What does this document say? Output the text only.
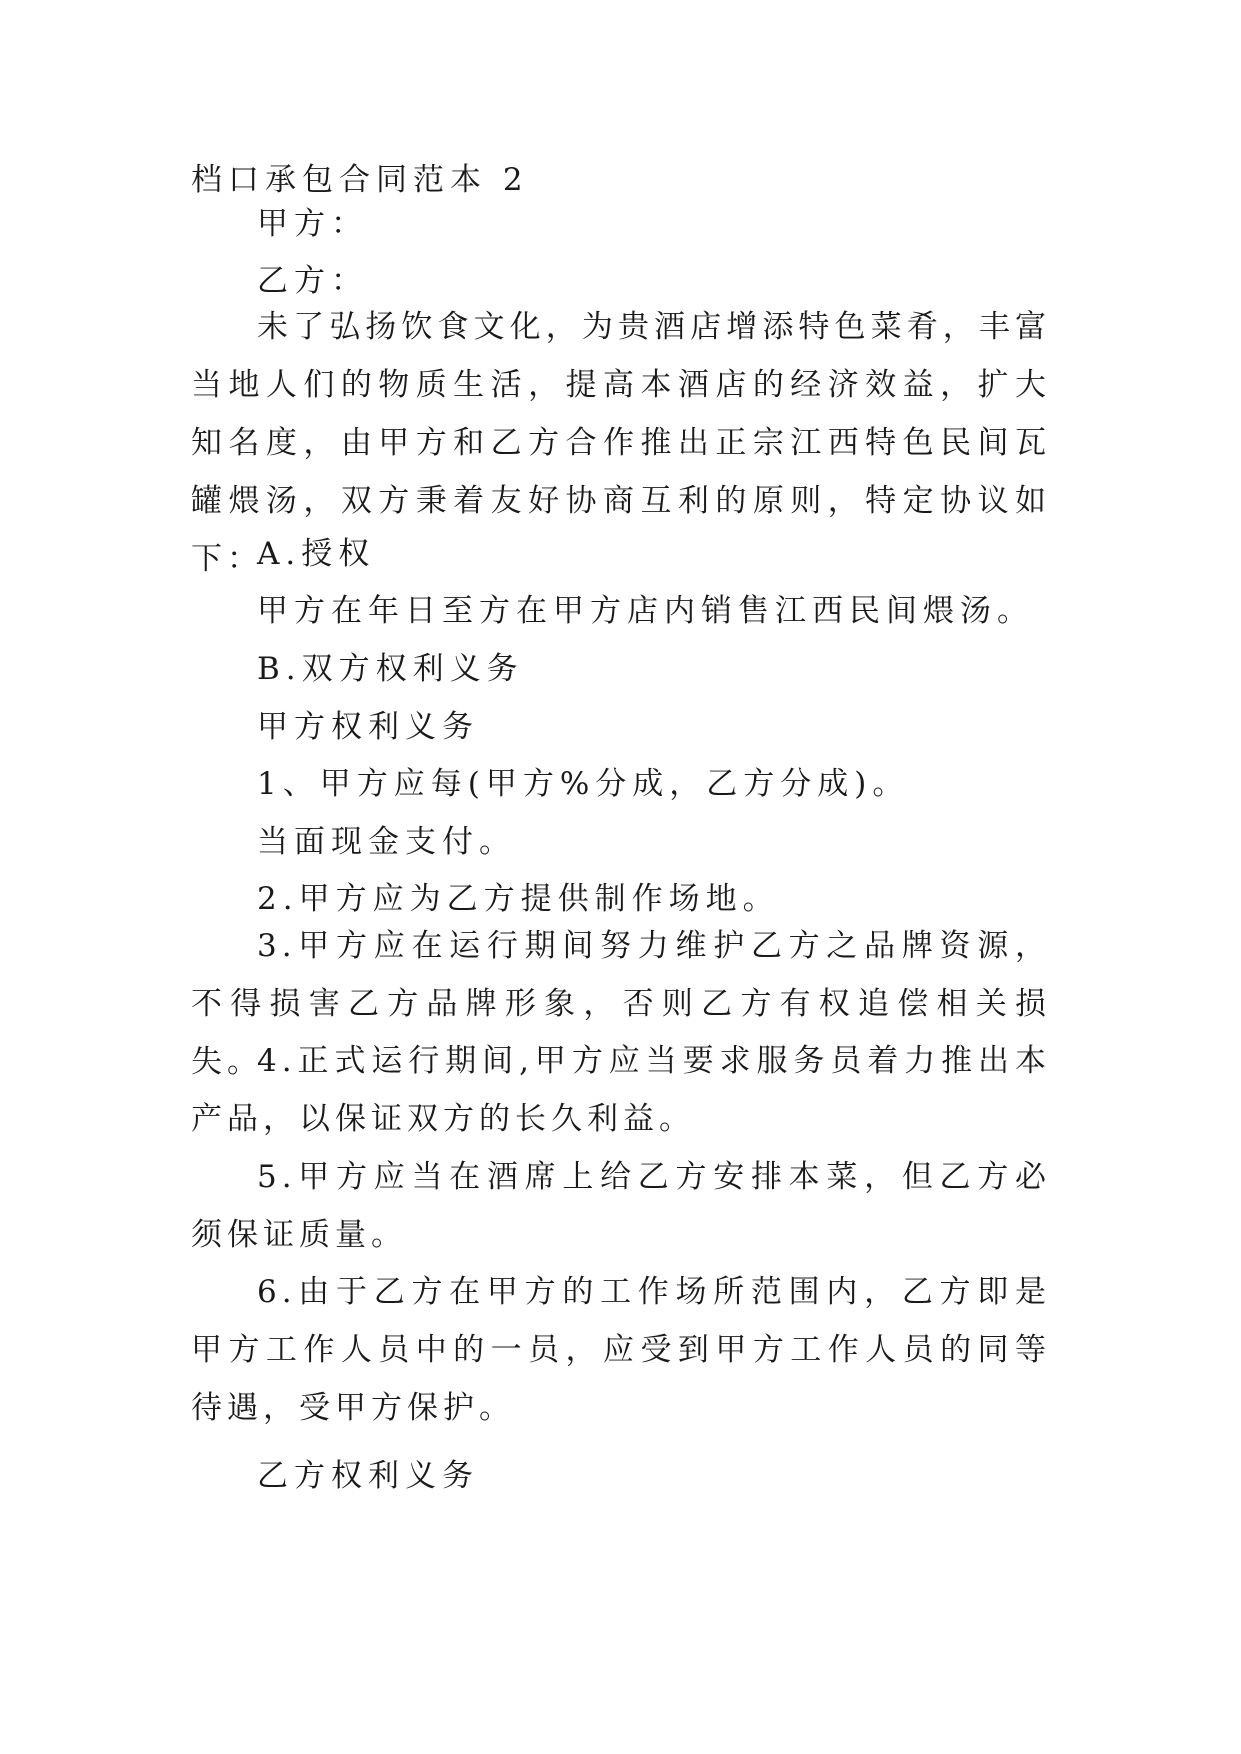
档口承包合同范本 2
甲方：
乙方：
未了弘扬饮食文化，为贵酒店增添特色菜肴，丰富当地人们的物质生活，提高本酒店的经济效益，扩大知名度，由甲方和乙方合作推出正宗江西特色民间瓦罐煨汤，双方秉着友好协商互利的原则，特定协议如下：
A.授权
甲方在年日至方在甲方店内销售江西民间煨汤。
B.双方权利义务
甲方权利义务
1、甲方应每(甲方%分成，乙方分成)。
当面现金支付。
2.甲方应为乙方提供制作场地。
3.甲方应在运行期间努力维护乙方之品牌资源，不得损害乙方品牌形象，否则乙方有权追偿相关损失。
4.正式运行期间,甲方应当要求服务员着力推出本产品，以保证双方的长久利益。
5.甲方应当在酒席上给乙方安排本菜，但乙方必须保证质量。
6.由于乙方在甲方的工作场所范围内，乙方即是甲方工作人员中的一员，应受到甲方工作人员的同等待遇，受甲方保护。
乙方权利义务
